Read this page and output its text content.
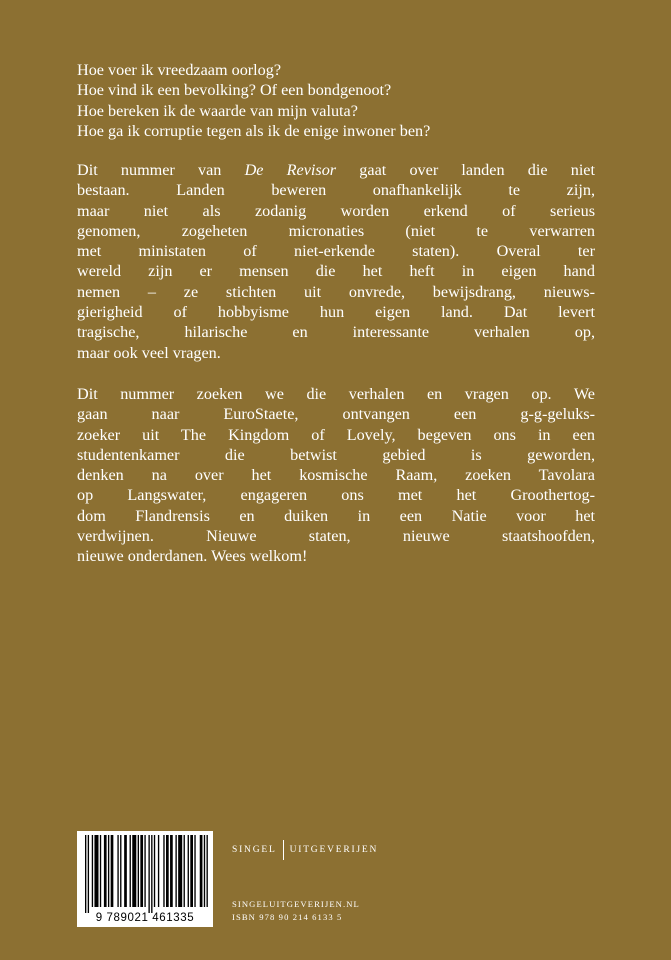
Hoe voer ik vreedzaam oorlog?
Hoe vind ik een bevolking? Of een bondgenoot?
Hoe bereken ik de waarde van mijn valuta?
Hoe ga ik corruptie tegen als ik de enige inwoner ben?
Dit nummer van De Revisor gaat over landen die niet
bestaan. Landen beweren onafhankelijk te zijn,
maar niet als zodanig worden erkend of serieus
genomen, zogeheten micronaties (niet te verwarren
met ministaten of niet-erkende staten). Overal ter
wereld zijn er mensen die het heft in eigen hand
nemen – ze stichten uit onvrede, bewijsdrang, nieuws-
gierigheid of hobbyisme hun eigen land. Dat levert
tragische, hilarische en interessante verhalen op,
maar ook veel vragen.
Dit nummer zoeken we die verhalen en vragen op. We
gaan naar EuroStaete, ontvangen een g-g-geluks-
zoeker uit The Kingdom of Lovely, begeven ons in een
studentenkamer die betwist gebied is geworden,
denken na over het kosmische Raam, zoeken Tavolara
op Langswater, engageren ons met het Groothertog-
dom Flandrensis en duiken in een Natie voor het
verdwijnen. Nieuwe staten, nieuwe staatshoofden,
nieuwe onderdanen. Wees welkom!
9 789021 461335
SINGEL UITGEVERIJEN
SINGELUITGEVERIJEN.NL
ISBN 978 90 214 6133 5
